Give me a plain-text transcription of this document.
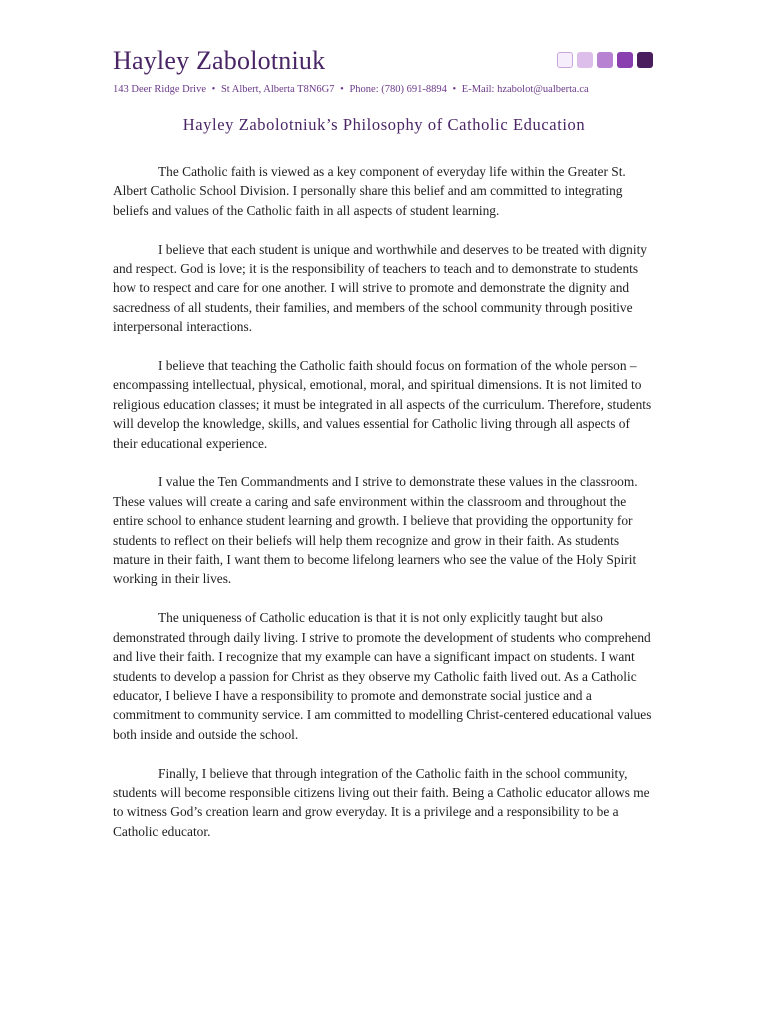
Hayley Zabolotniuk
143 Deer Ridge Drive • St Albert, Alberta T8N6G7 • Phone: (780) 691-8894 • E-Mail: hzabolot@ualberta.ca
Hayley Zabolotniuk’s Philosophy of Catholic Education

The Catholic faith is viewed as a key component of everyday life within the Greater St. Albert Catholic School Division. I personally share this belief and am committed to integrating beliefs and values of the Catholic faith in all aspects of student learning.

I believe that each student is unique and worthwhile and deserves to be treated with dignity and respect. God is love; it is the responsibility of teachers to teach and to demonstrate to students how to respect and care for one another. I will strive to promote and demonstrate the dignity and sacredness of all students, their families, and members of the school community through positive interpersonal interactions.

I believe that teaching the Catholic faith should focus on formation of the whole person – encompassing intellectual, physical, emotional, moral, and spiritual dimensions. It is not limited to religious education classes; it must be integrated in all aspects of the curriculum. Therefore, students will develop the knowledge, skills, and values essential for Catholic living through all aspects of their educational experience.

I value the Ten Commandments and I strive to demonstrate these values in the classroom. These values will create a caring and safe environment within the classroom and throughout the entire school to enhance student learning and growth. I believe that providing the opportunity for students to reflect on their beliefs will help them recognize and grow in their faith. As students mature in their faith, I want them to become lifelong learners who see the value of the Holy Spirit working in their lives.

The uniqueness of Catholic education is that it is not only explicitly taught but also demonstrated through daily living. I strive to promote the development of students who comprehend and live their faith. I recognize that my example can have a significant impact on students. I want students to develop a passion for Christ as they observe my Catholic faith lived out. As a Catholic educator, I believe I have a responsibility to promote and demonstrate social justice and a commitment to community service. I am committed to modelling Christ-centered educational values both inside and outside the school.

Finally, I believe that through integration of the Catholic faith in the school community, students will become responsible citizens living out their faith. Being a Catholic educator allows me to witness God’s creation learn and grow everyday. It is a privilege and a responsibility to be a Catholic educator.
